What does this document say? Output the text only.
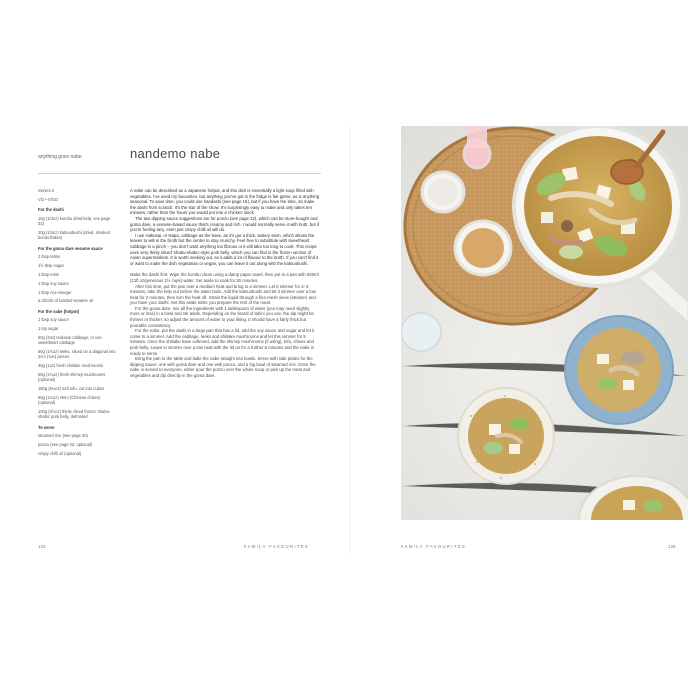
anything goes nabe	nandemo nabe
Serves 2
V/2 • V/GO
For the dashi
10g (1/4oz) kombu dried kelp; see page 23)
10g (1/4oz) katsuobushi (dried, smoked bonito flakes)
For the goma dare sesame sauce
2 tbsp tahini
1½ tbsp sugar
1 tbsp mirin
1 tbsp soy sauce
1 tbsp rice vinegar
a drizzle of toasted sesame oil
For the nabe (hotpot)
1 tbsp soy sauce
1 tsp sugar
60g (2oz) Hakusai cabbage, or use sweetheart cabbage
50g (1¾oz) leeks, sliced on a diagonal into 2cm (¾in) pieces
30g (1oz) fresh shiitake mushrooms
50g (1¾oz) fresh shimeji mushrooms (optional)
150g (5¼oz) soft tofu, cut into cubes
50g (1¾oz) shiro (Chinese chives) (optional)
100g (3½oz) thinly sliced frozen 'shabu-shabu' pork belly, defrosted
To serve
steamed rice (see page 30)
ponzu (see page 22; optional)
crispy chilli oil (optional)

A nabe can be described as a Japanese hotpot, and this dish is essentially a light soup filled with vegetables. I've used my favourites, but anything you've got in the fridge is fair game, as is anything seasonal. To save time, you could use handashi (see page 16), but if you have the time, do make the dashi from scratch. It's the star of the show. It's surprisingly easy to make and only takes ten minutes, rather than the hours you would put into a chicken stock.

The two dipping sauce suggestions are for ponzu (see page 22), which can be store-bought and goma dare, a sesame-based sauce that's creamy and rich. I would normally serve it with both, but if you're feeling lazy, even just crispy chilli oil will do.

I use Hakusai, or Napa, cabbage as the base, as it's got a thick, watery stem, which allows the leaves to wilt in the broth but the centre to stay crunchy. Feel free to substitute with sweetheart cabbage in a pinch – you don't want anything too fibrous or it will take too long to cook. This recipe uses very thinly sliced 'shabu-shabu'-style pork belly, which you can find in the frozen section of Asian supermarkets. It is worth seeking out, as it adds a lot of flavour to the broth. If you can't find it or want to make the dish vegetarian or vegan, you can leave it out along with the katsuobushi.

Make the dashi first. Wipe the kombu clean using a damp paper towel, then put in a pan with 600ml (21fl oz/generous 2½ cups) water. Set aside to soak for 30 minutes.

After this time, put the pan over a medium heat and bring to a simmer. Let it simmer for 2–3 minutes, take the kelp out before the water boils. Add the katsuobushi and let it simmer over a low heat for 2 minutes, then turn the heat off. Strain the liquid through a fine-mesh sieve (strainer) and you have your dashi. Set this aside while you prepare the rest of the meal.

For the goma dare, mix all the ingredients with 1 tablespoon of water (you may need slightly more or less) in a bowl and stir aside. Depending on the brand of tahini you use, the dip might be thinner or thicker, so adjust the amount of water to your liking. It should have a fairly thick but pourable consistency.

For the nabe, put the dashi in a large pan that has a lid, add the soy sauce and sugar and let it come to a simmer. Add the cabbage, leeks and shiitake mushrooms and let this simmer for 5 minutes. Once the shiitake have softened, add the shimeji mushrooms (if using), tofu, chives and pork belly. Leave to simmer over a low heat with the lid on for a further 5 minutes and the nabe is ready to serve.

Bring the pan to the table and ladle the nabe straight into bowls. Serve with side plates for the dipping sauce: one with goma dare and one with ponzu, and a big bowl of steamed rice. Once the nabe is served to everyone, either pour the ponzu over the whole soup or pick up the meat and vegetables and dip directly in the goma dare.

124	FAMILY FAVOURITES	FAMILY FAVOURITES	125
